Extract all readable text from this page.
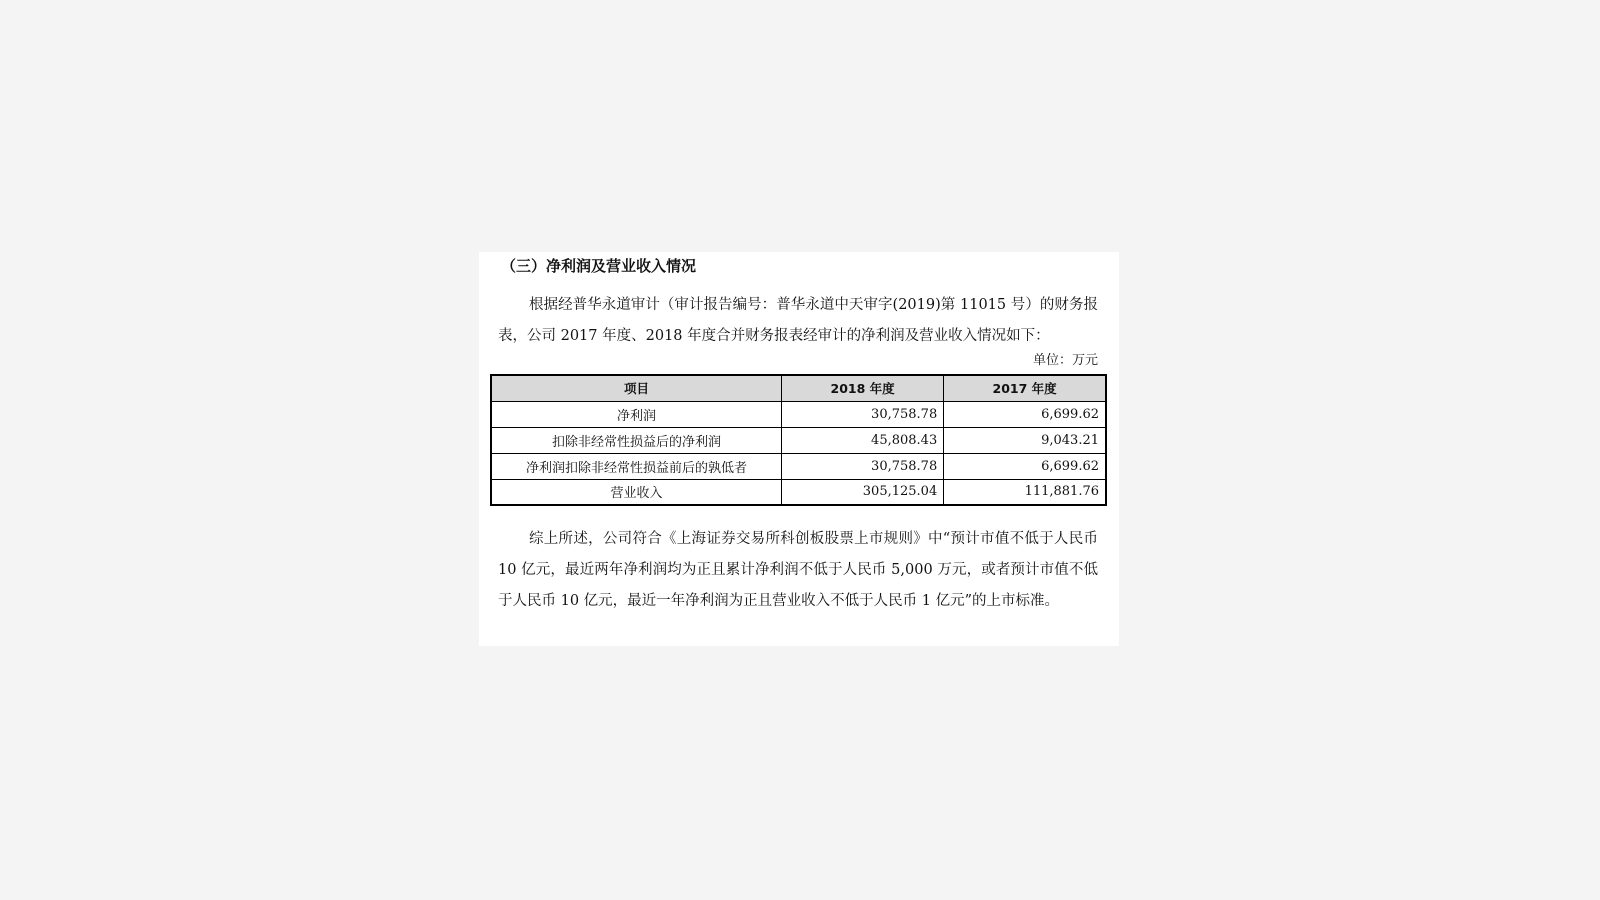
（三）净利润及营业收入情况
根据经普华永道审计（审计报告编号：普华永道中天审字(2019)第 11015 号）的财务报表，公司 2017 年度、2018 年度合并财务报表经审计的净利润及营业收入情况如下：
单位：万元
项目	2018 年度	2017 年度
净利润	30,758.78	6,699.62
扣除非经常性损益后的净利润	45,808.43	9,043.21
净利润扣除非经常性损益前后的孰低者	30,758.78	6,699.62
营业收入	305,125.04	111,881.76
综上所述，公司符合《上海证券交易所科创板股票上市规则》中“预计市值不低于人民币 10 亿元，最近两年净利润均为正且累计净利润不低于人民币 5,000 万元，或者预计市值不低于人民币 10 亿元，最近一年净利润为正且营业收入不低于人民币 1 亿元”的上市标准。
